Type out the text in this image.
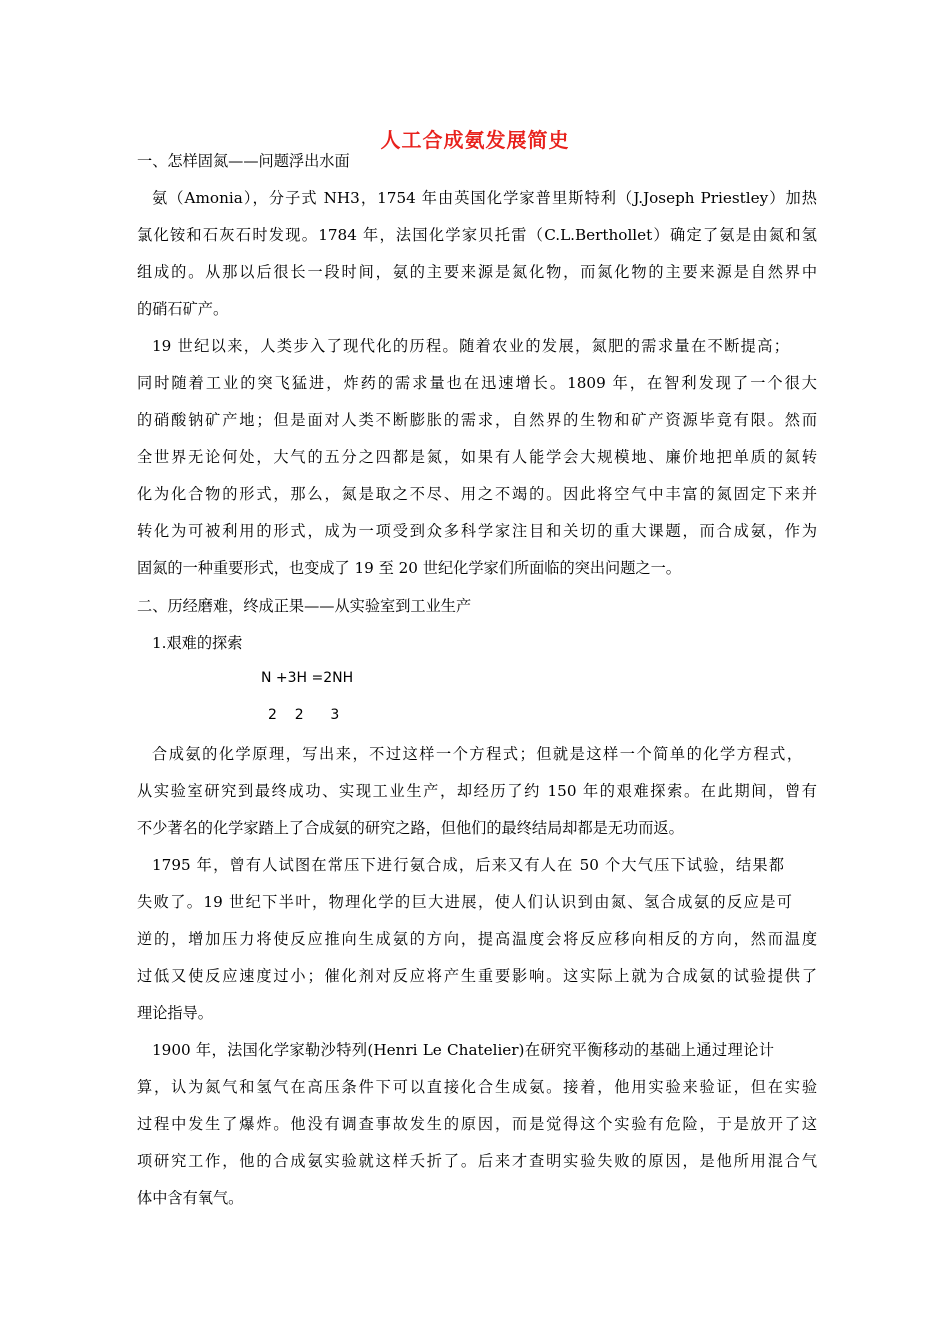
人工合成氨发展简史
一、怎样固氮——问题浮出水面
氨（Amonia），分子式 NH3，1754 年由英国化学家普里斯特利（J.Joseph Priestley）加热
氯化铵和石灰石时发现。1784 年，法国化学家贝托雷（C.L.Berthollet）确定了氨是由氮和氢
组成的。从那以后很长一段时间，氨的主要来源是氮化物，而氮化物的主要来源是自然界中
的硝石矿产。
19 世纪以来，人类步入了现代化的历程。随着农业的发展，氮肥的需求量在不断提高；
同时随着工业的突飞猛进，炸药的需求量也在迅速增长。1809 年，在智利发现了一个很大
的硝酸钠矿产地；但是面对人类不断膨胀的需求，自然界的生物和矿产资源毕竟有限。然而
全世界无论何处，大气的五分之四都是氮，如果有人能学会大规模地、廉价地把单质的氮转
化为化合物的形式，那么，氮是取之不尽、用之不竭的。因此将空气中丰富的氮固定下来并
转化为可被利用的形式，成为一项受到众多科学家注目和关切的重大课题，而合成氨，作为
固氮的一种重要形式，也变成了 19 至 20 世纪化学家们所面临的突出问题之一。
二、历经磨难，终成正果——从实验室到工业生产
1.艰难的探索
N +3H =2NH
2    2      3
合成氨的化学原理，写出来，不过这样一个方程式；但就是这样一个简单的化学方程式，
从实验室研究到最终成功、实现工业生产，却经历了约 150 年的艰难探索。在此期间，曾有
不少著名的化学家踏上了合成氨的研究之路，但他们的最终结局却都是无功而返。
1795 年，曾有人试图在常压下进行氨合成，后来又有人在 50 个大气压下试验，结果都
失败了。19 世纪下半叶，物理化学的巨大进展，使人们认识到由氮、氢合成氨的反应是可
逆的，增加压力将使反应推向生成氨的方向，提高温度会将反应移向相反的方向，然而温度
过低又使反应速度过小；催化剂对反应将产生重要影响。这实际上就为合成氨的试验提供了
理论指导。
1900 年，法国化学家勒沙特列(Henri Le Chatelier)在研究平衡移动的基础上通过理论计
算，认为氮气和氢气在高压条件下可以直接化合生成氨。接着，他用实验来验证，但在实验
过程中发生了爆炸。他没有调查事故发生的原因，而是觉得这个实验有危险，于是放开了这
项研究工作，他的合成氨实验就这样夭折了。后来才查明实验失败的原因，是他所用混合气
体中含有氧气。
